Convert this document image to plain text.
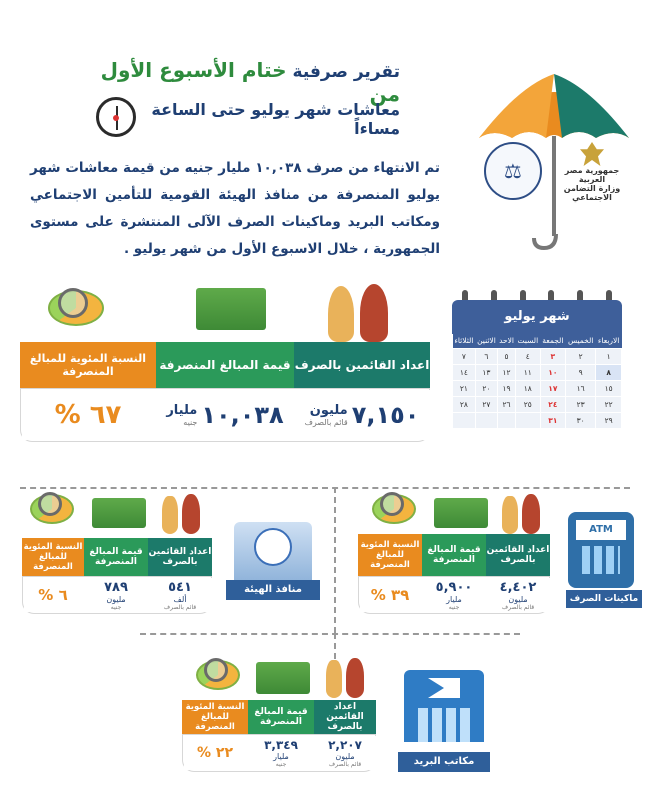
تقرير صرفية ختام الأسبوع الأول من
معاشات شهر يوليو حتى الساعة  مساءاً
تم الانتهاء من صرف ١٠,٠٣٨ مليار جنيه من قيمة معاشات شهر يوليو المنصرفة من منافذ الهيئة القومية للتأمين الاجتماعي ومكاتب البريد وماكينات الصرف الآلى المنتشرة على مستوى الجمهورية ، خلال الاسبوع الأول من شهر يوليو .
⚖	جمهورية مصر العربية
وزارة التضامن الاجتماعي
النسبة المئوية للمبالغ المنصرفة	قيمة المبالغ المنصرفة اعداد القائمين بالصرف
٦٧ %	١٠,٠٣٨
مليار
جنيه	٧,١٥٠
مليون
قائم بالصرف
شهر يوليو
الاربعاء	الخميس	الجمعة	السبت	الاحد	الاثنين	الثلاثاء
١	٢	٣	٤	٥	٦	٧
٨	٩	١٠	١١	١٢	١٣	١٤
١٥	١٦	١٧	١٨	١٩	٢٠	٢١
٢٢	٢٣	٢٤	٢٥	٢٦	٢٧	٢٨
٢٩	٣٠	٣١				
ATM
ماكينات الصرف الآلي
النسبة المئوية للمبالغ المنصرفة
قيمة المبالغ المنصرفة
اعداد القائمين بالصرف
٣٩ % ٥,٩٠٠
مليار
جنيه
٤,٤٠٢
مليون
قائم بالصرف
منافذ الهيئة
النسبة المئوية للمبالغ المنصرفة
قيمة المبالغ المنصرفة
اعداد القائمين بالصرف
٦ %	٧٨٩
مليون
جنيه
٥٤١
ألف
قائم بالصرف
مكاتب البريد
النسبة المئوية للمبالغ المنصرفة
قيمة المبالغ المنصرفة
اعداد القائمين بالصرف
٢٢ %	٣,٣٤٩
مليار
جنيه
٢,٢٠٧
مليون
قائم بالصرف
